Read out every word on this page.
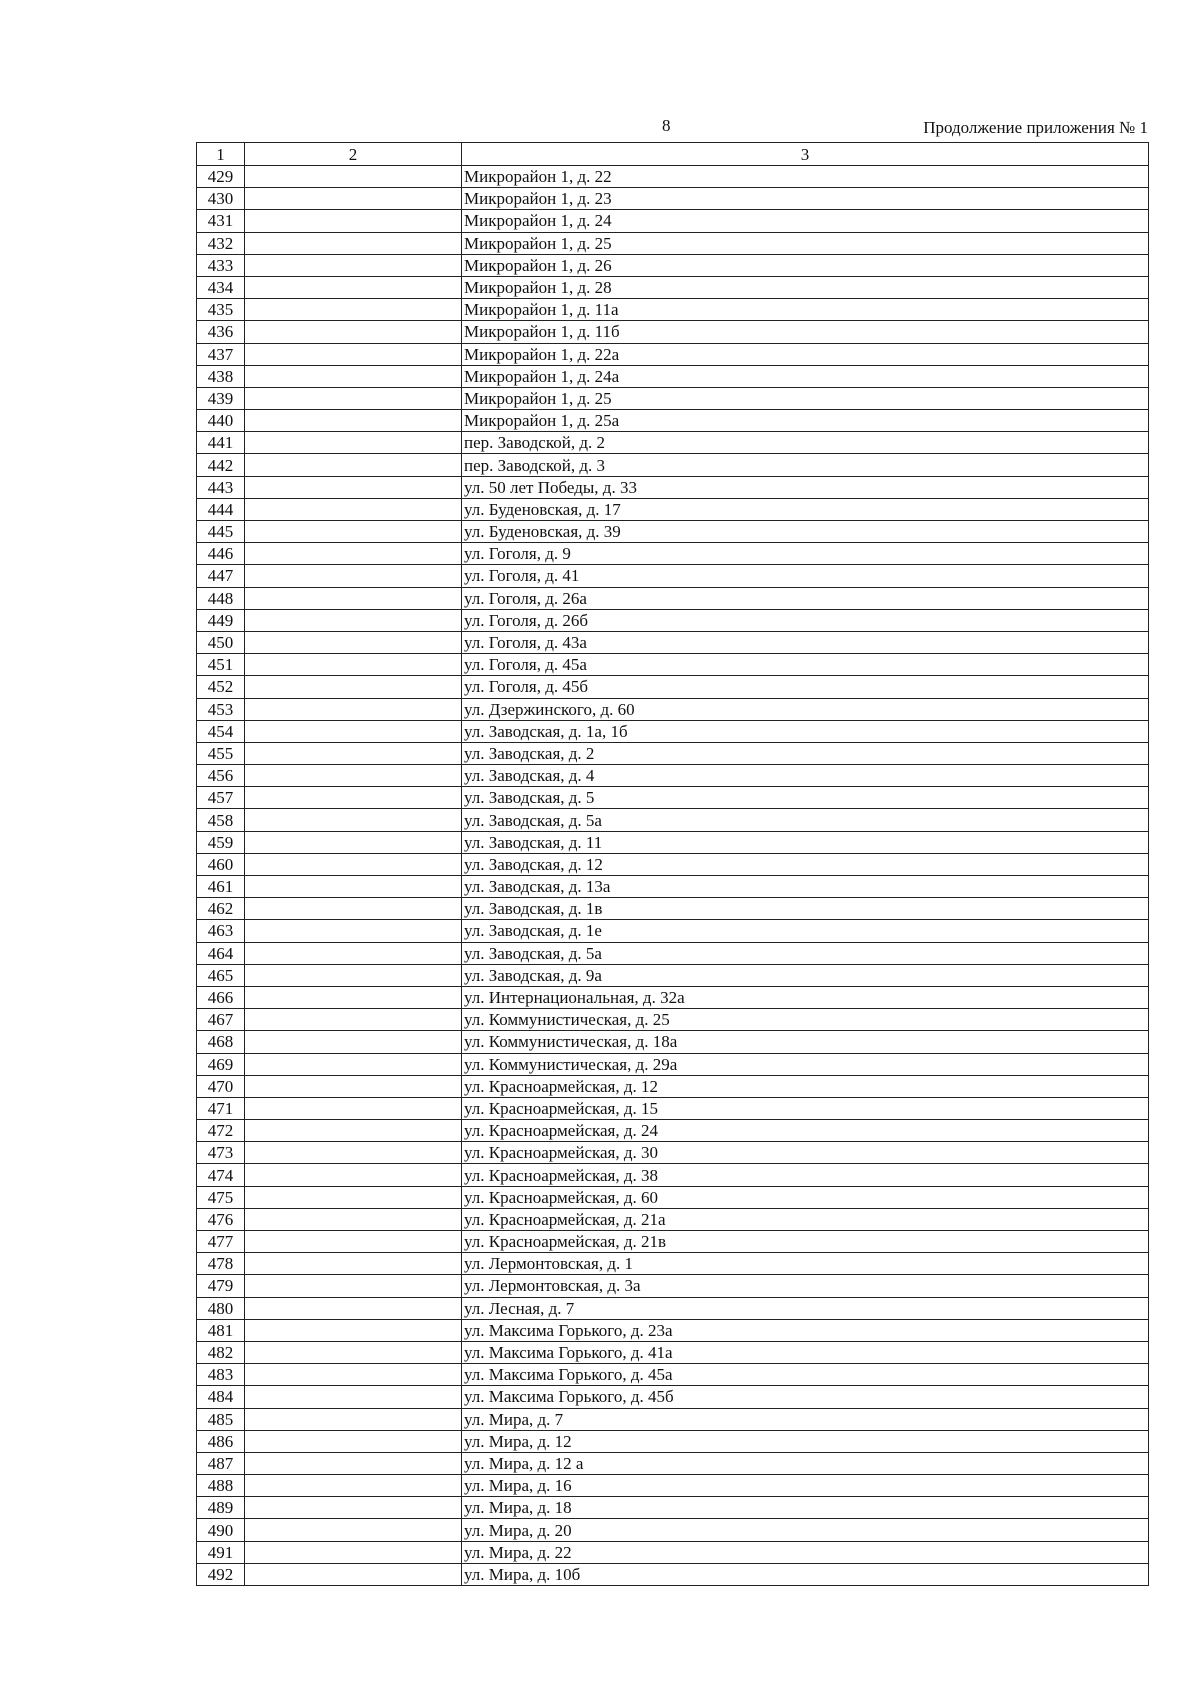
8	Продолжение приложения № 1
1	2	3
429		Микрорайон 1, д. 22
430		Микрорайон 1, д. 23
431		Микрорайон 1, д. 24
432		Микрорайон 1, д. 25
433		Микрорайон 1, д. 26
434		Микрорайон 1, д. 28
435		Микрорайон 1, д. 11а
436		Микрорайон 1, д. 11б
437		Микрорайон 1, д. 22а
438		Микрорайон 1, д. 24а
439		Микрорайон 1, д. 25
440		Микрорайон 1, д. 25а
441		пер. Заводской, д. 2
442		пер. Заводской, д. 3
443		ул. 50 лет Победы, д. 33
444		ул. Буденовская, д. 17
445		ул. Буденовская, д. 39
446		ул. Гоголя, д. 9
447		ул. Гоголя, д. 41
448		ул. Гоголя, д. 26а
449		ул. Гоголя, д. 26б
450		ул. Гоголя, д. 43а
451		ул. Гоголя, д. 45а
452		ул. Гоголя, д. 45б
453		ул. Дзержинского, д. 60
454		ул. Заводская, д. 1а, 1б
455		ул. Заводская, д. 2
456		ул. Заводская, д. 4
457		ул. Заводская, д. 5
458		ул. Заводская, д. 5а
459		ул. Заводская, д. 11
460		ул. Заводская, д. 12
461		ул. Заводская, д. 13а
462		ул. Заводская, д. 1в
463		ул. Заводская, д. 1е
464		ул. Заводская, д. 5а
465		ул. Заводская, д. 9а
466		ул. Интернациональная, д. 32а
467		ул. Коммунистическая, д. 25
468		ул. Коммунистическая, д. 18а
469		ул. Коммунистическая, д. 29а
470		ул. Красноармейская, д. 12
471		ул. Красноармейская, д. 15
472		ул. Красноармейская, д. 24
473		ул. Красноармейская, д. 30
474		ул. Красноармейская, д. 38
475		ул. Красноармейская, д. 60
476		ул. Красноармейская, д. 21а
477		ул. Красноармейская, д. 21в
478		ул. Лермонтовская, д. 1
479		ул. Лермонтовская, д. 3а
480		ул. Лесная, д. 7
481		ул. Максима Горького, д. 23а
482		ул. Максима Горького, д. 41а
483		ул. Максима Горького, д. 45а
484		ул. Максима Горького, д. 45б
485		ул. Мира, д. 7
486		ул. Мира, д. 12
487		ул. Мира, д. 12 а
488		ул. Мира, д. 16
489		ул. Мира, д. 18
490		ул. Мира, д. 20
491		ул. Мира, д. 22
492		ул. Мира, д. 10б
